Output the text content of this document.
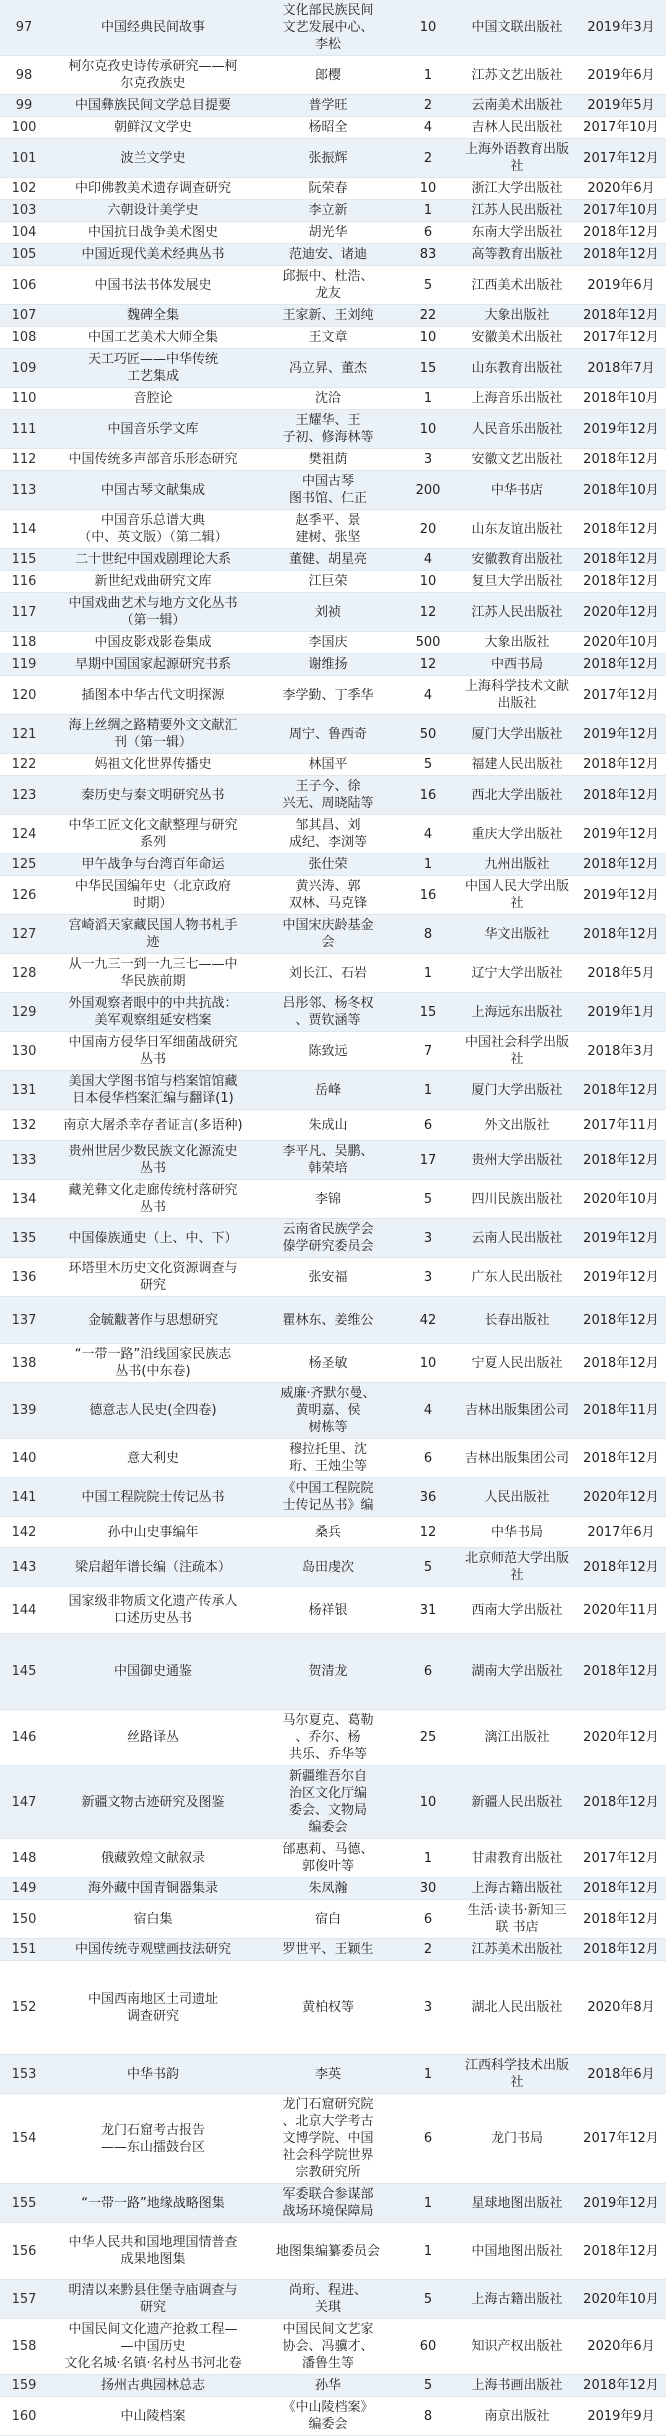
97	中国经典民间故事	文化部民族民间
文艺发展中心、
李松	10	中国文联出版社	2019年3月
98	柯尔克孜史诗传承研究——柯
尔克孜族史	郎樱	1	江苏文艺出版社	2019年6月
99	中国彝族民间文学总目提要	普学旺	2	云南美术出版社	2019年5月
100	朝鲜汉文学史	杨昭全	4	吉林人民出版社	2017年10月
101	波兰文学史	张振辉	2	上海外语教育出版社	2017年12月
102	中印佛教美术遗存调查研究	阮荣春	10	浙江大学出版社	2020年6月
103	六朝设计美学史	李立新	1	江苏人民出版社	2017年10月
104	中国抗日战争美术图史	胡光华	6	东南大学出版社	2018年12月
105	中国近现代美术经典丛书	范迪安、诸迪	83	高等教育出版社	2018年12月
106	中国书法书体发展史	邱振中、杜浩、
龙友	5	江西美术出版社	2019年6月
107	魏碑全集	王家新、王刘纯	22	大象出版社	2018年12月
108	中国工艺美术大师全集	王文章	10	安徽美术出版社	2017年12月
109	天工巧匠——中华传统
工艺集成	冯立昇、董杰	15	山东教育出版社	2018年7月
110	音腔论	沈洽	1	上海音乐出版社	2018年10月
111	中国音乐学文库	王耀华、王
子初、修海林等	10	人民音乐出版社	2019年12月
112	中国传统多声部音乐形态研究	樊祖荫	3	安徽文艺出版社	2018年12月
113	中国古琴文献集成	中国古琴
图书馆、仁正	200	中华书店	2018年10月
114	中国音乐总谱大典
（中、英文版）（第二辑）	赵季平、景
建树、张坚	20	山东友谊出版社	2018年12月
115	二十世纪中国戏剧理论大系	董健、胡星亮	4	安徽教育出版社	2018年12月
116	新世纪戏曲研究文库	江巨荣	10	复旦大学出版社	2018年12月
117	中国戏曲艺术与地方文化丛书
（第一辑）	刘祯	12	江苏人民出版社	2020年12月
118	中国皮影戏影卷集成	李国庆	500	大象出版社	2020年10月
119	早期中国国家起源研究书系	谢维扬	12	中西书局	2018年12月
120	插图本中华古代文明探源	李学勤、丁季华	4	上海科学技术文献 出版社	2017年12月
121	海上丝绸之路精要外文文献汇
刊（第一辑）	周宁、鲁西奇	50	厦门大学出版社	2019年12月
122	妈祖文化世界传播史	林国平	5	福建人民出版社	2018年12月
123	秦历史与秦文明研究丛书	王子今、徐
兴无、周晓陆等	16	西北大学出版社	2018年12月
124	中华工匠文化文献整理与研究
系列	邹其昌、刘
成纪、李浏等	4	重庆大学出版社	2019年12月
125	甲午战争与台湾百年命运	张仕荣	1	九州出版社	2018年12月
126	中华民国编年史（北京政府
时期）	黄兴涛、郭
双林、马克锋	16	中国人民大学出版社	2019年12月
127	宫崎滔天家藏民国人物书札手
迹	中国宋庆龄基金
会	8	华文出版社	2018年12月
128	从一九三一到一九三七——中
华民族前期	刘长江、石岩	1	辽宁大学出版社	2018年5月
129	外国观察者眼中的中共抗战：
美军观察组延安档案	吕彤邻、杨冬权
、贾钦涵等	15	上海远东出版社	2019年1月
130	中国南方侵华日军细菌战研究
丛书	陈致远	7	中国社会科学出版社	2018年3月
131	美国大学图书馆与档案馆馆藏
日本侵华档案汇编与翻译(1)	岳峰	1	厦门大学出版社	2018年12月
132	南京大屠杀幸存者证言(多语种)	朱成山	6	外文出版社	2017年11月
133	贵州世居少数民族文化源流史
丛书	李平凡、吴鹏、
韩荣培	17	贵州大学出版社	2018年12月
134	藏羌彝文化走廊传统村落研究
丛书	李锦	5	四川民族出版社	2020年10月
135	中国傣族通史（上、中、下）	云南省民族学会
傣学研究委员会	3	云南人民出版社	2019年12月
136	环塔里木历史文化资源调查与
研究	张安福	3	广东人民出版社	2019年12月
137	金毓黻著作与思想研究	瞿林东、姜维公	42	长春出版社	2018年12月
138	“一带一路”沿线国家民族志
丛书(中东卷)	杨圣敏	10	宁夏人民出版社	2018年12月
139	德意志人民史(全四卷)	威廉·齐默尔曼、
黄明嘉、侯
树栋等	4	吉林出版集团公司	2018年11月
140	意大利史	穆拉托里、沈
珩、王烛尘等	6	吉林出版集团公司	2018年12月
141	中国工程院院士传记丛书	《中国工程院院
士传记丛书》编	36	人民出版社	2020年12月
142	孙中山史事编年	桑兵	12	中华书局	2017年6月
143	梁启超年谱长编（注疏本）	岛田虔次	5	北京师范大学出版社	2018年12月
144	国家级非物质文化遗产传承人
口述历史丛书	杨祥银	31	西南大学出版社	2020年11月
145	中国御史通鉴	贺清龙	6	湖南大学出版社	2018年12月
146	丝路译丛	马尔夏克、葛勒
、乔尔、杨
共乐、乔华等	25	漓江出版社	2020年12月
147	新疆文物古迹研究及图鉴	新疆维吾尔自
治区文化厅编
委会、文物局
编委会	10	新疆人民出版社	2018年12月
148	俄藏敦煌文献叙录	邰惠莉、马德、
郭俊叶等	1	甘肃教育出版社	2017年12月
149	海外藏中国青铜器集录	朱凤瀚	30	上海古籍出版社	2018年12月
150	宿白集	宿白	6	生活·读书·新知三联 书店	2018年12月
151	中国传统寺观壁画技法研究	罗世平、王颖生	2	江苏美术出版社	2018年12月
152	中国西南地区土司遗址
调查研究	黄柏权等	3	湖北人民出版社	2020年8月
153	中华书韵	李英	1	江西科学技术出版社	2018年6月
154	龙门石窟考古报告
——东山擂鼓台区	龙门石窟研究院
、北京大学考古
文博学院、中国
社会科学院世界
宗教研究所	6	龙门书局	2017年12月
155	“一带一路”地缘战略图集	军委联合参谋部
战场环境保障局	1	星球地图出版社	2019年12月
156	中华人民共和国地理国情普查
成果地图集	地图集编纂委员会	1	中国地图出版社	2018年12月
157	明清以来黔县住堡寺庙调查与
研究	尚珩、程进、
关琪	5	上海古籍出版社	2020年10月
158	中国民间文化遗产抢救工程—
—中国历史
文化名城·名镇·名村丛书河北卷	中国民间文艺家
协会、冯骥才、
潘鲁生等	60	知识产权出版社	2020年6月
159	扬州古典园林总志	孙华	5	上海书画出版社	2018年12月
160	中山陵档案	《中山陵档案》
编委会	8	南京出版社	2019年9月
